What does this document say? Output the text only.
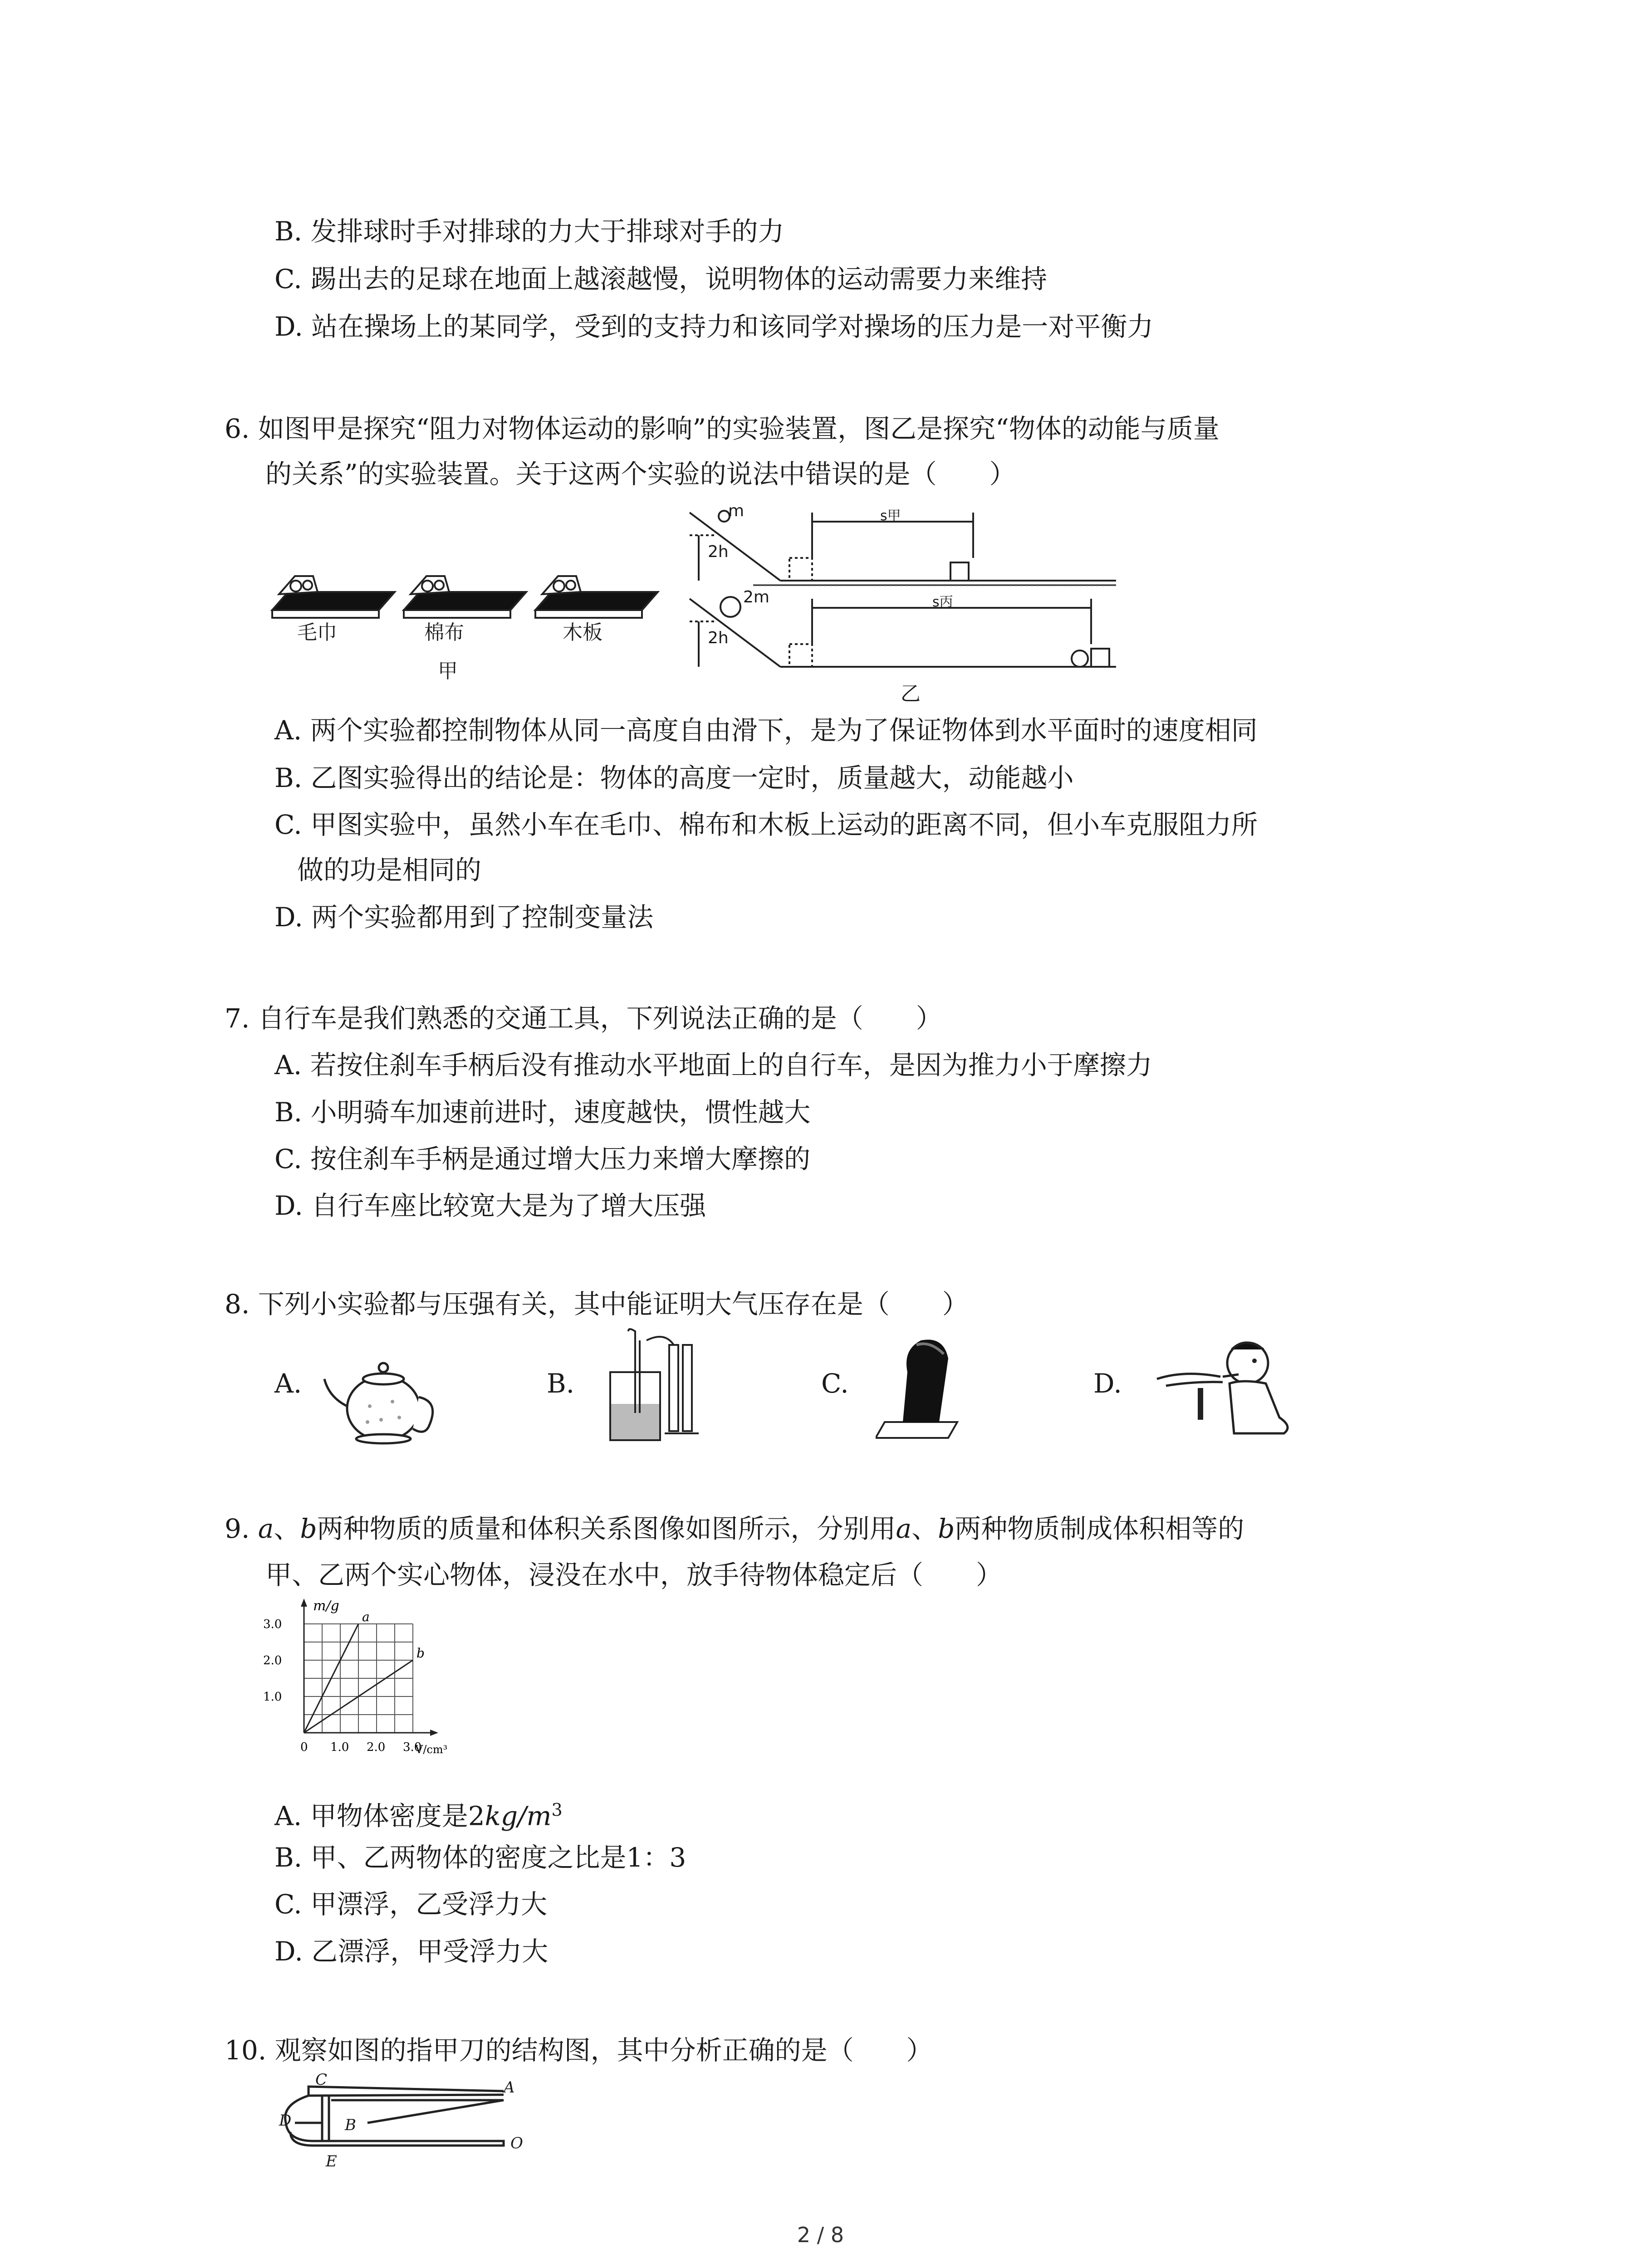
B. 发排球时手对排球的力大于排球对手的力
C. 踢出去的足球在地面上越滚越慢，说明物体的运动需要力来维持
D. 站在操场上的某同学，受到的支持力和该同学对操场的压力是一对平衡力
6. 如图甲是探究“阻力对物体运动的影响”的实验装置，图乙是探究“物体的动能与质量
的关系”的实验装置。关于这两个实验的说法中错误的是（　　）
毛巾	棉布	木板
甲
m
2m
2h
2h
s甲
s丙
乙
A. 两个实验都控制物体从同一高度自由滑下，是为了保证物体到水平面时的速度相同
B. 乙图实验得出的结论是：物体的高度一定时，质量越大，动能越小
C. 甲图实验中，虽然小车在毛巾、棉布和木板上运动的距离不同，但小车克服阻力所
做的功是相同的
D. 两个实验都用到了控制变量法
7. 自行车是我们熟悉的交通工具，下列说法正确的是（　　）
A. 若按住刹车手柄后没有推动水平地面上的自行车，是因为推力小于摩擦力
B. 小明骑车加速前进时，速度越快，惯性越大
C. 按住刹车手柄是通过增大压力来增大摩擦的
D. 自行车座比较宽大是为了增大压强
8. 下列小实验都与压强有关，其中能证明大气压存在是（　　）
A.	B.	C.	D.
9. a、b两种物质的质量和体积关系图像如图所示，分别用a、b两种物质制成体积相等的
甲、乙两个实心物体，浸没在水中，放手待物体稳定后（　　）
m/g
V/cm³
0 1.0 2.0 3.0
1.0
2.0
3.0	a
b
A. 甲物体密度是$2kg/m^3$
B. 甲、乙两物体的密度之比是1：3
C. 甲漂浮，乙受浮力大
D. 乙漂浮，甲受浮力大
10. 观察如图的指甲刀的结构图，其中分析正确的是（　　）
C	A
D	B
E
O
2 / 8
